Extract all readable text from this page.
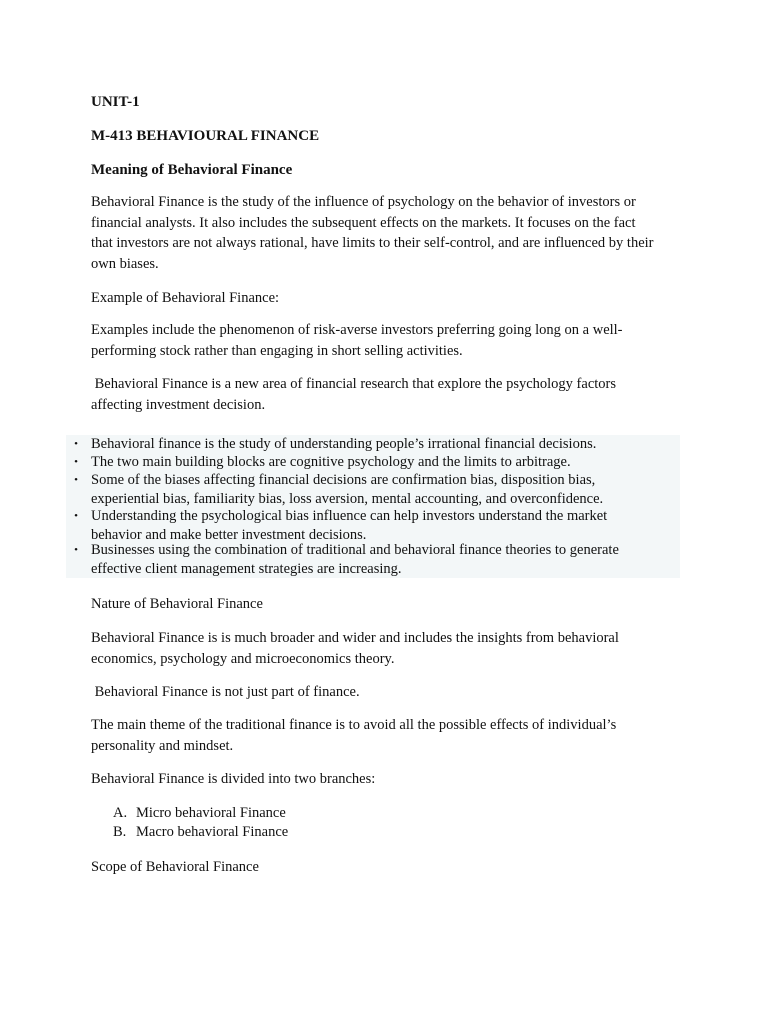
UNIT-1
M-413 BEHAVIOURAL FINANCE
Meaning of Behavioral Finance
Behavioral Finance is the study of the influence of psychology on the behavior of investors or
financial analysts. It also includes the subsequent effects on the markets. It focuses on the fact
that investors are not always rational, have limits to their self-control, and are influenced by their
own biases.
Example of Behavioral Finance:
Examples include the phenomenon of risk-averse investors preferring going long on a well-
performing stock rather than engaging in short selling activities.
Behavioral Finance is a new area of financial research that explore the psychology factors
affecting investment decision.
• Behavioral finance is the study of understanding people’s irrational financial decisions.
• The two main building blocks are cognitive psychology and the limits to arbitrage.
• Some of the biases affecting financial decisions are confirmation bias, disposition bias,
experiential bias, familiarity bias, loss aversion, mental accounting, and overconfidence.
• Understanding the psychological bias influence can help investors understand the market
behavior and make better investment decisions.
• Businesses using the combination of traditional and behavioral finance theories to generate
effective client management strategies are increasing.
Nature of Behavioral Finance
Behavioral Finance is is much broader and wider and includes the insights from behavioral
economics, psychology and microeconomics theory.
Behavioral Finance is not just part of finance.
The main theme of the traditional finance is to avoid all the possible effects of individual’s
personality and mindset.
Behavioral Finance is divided into two branches:
A. Micro behavioral Finance
B. Macro behavioral Finance
Scope of Behavioral Finance
